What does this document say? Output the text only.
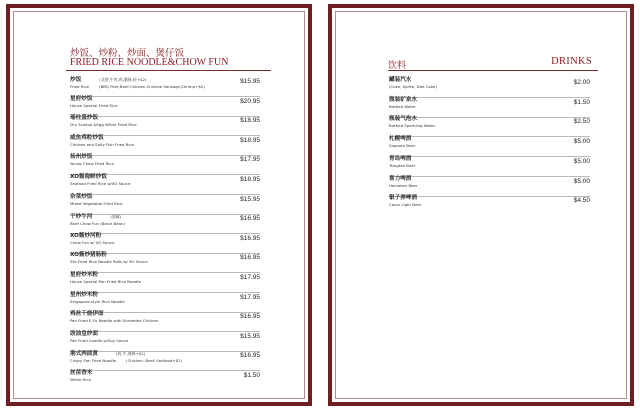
炒饭、炒粉、炒面、煲仔饭
FRIED RICE NOODLE&CHOW FUN
炒饭	(叉烧,牛肉,鸡,腊肠,虾+$2)
Fried Rice	(BBQ Pork,Beef,Chicken,Chinese Sausage,Shrimp+$2)
$15.95
星府炒饭
House Special Fried Rice
$20.95
瑶柱蛋炒饭
Dry Scallop &Egg White Fried Rice
$18.95
咸鱼鸡粒炒饭
Chicken and Salty Fish Fried Rice
$18.95
扬州炒饭
Young Chow Fried Rice
$17.95
XO酱海鲜炒饭
Seafood Fried Rice w/XO Sauce
$18.95
杂菜炒饭
Mixed Vegetable Fried Rice
$15.95
干炒牛河	(豉椒)
Beef Chow Fun (Black Bean)
$16.95
XO酱炒河粉
Chow Fun w/ XO Sauce
$16.95
XO酱炒猪肠粉
Stir-Fried Rice Noodle Rolls w/ XO Sauce
$16.95
星府炒米粉
House Special Pan Fried Rice Noodle
$17.95
星州炒米粉
Singapore-style Rice Noodle
$17.95
鸡丝干烧伊面
Pan Fried E-Fu Noodle with Shredded Chicken
$16.95
豉油皇炒面
Pan Fried noodle w/Soy Sauce
$15.95
港式两面黄	(鸡,牛,海鲜+$2)
Crispy Pan Fried Noodle	(Chicken..Beef..Seafood+$2)
$16.95
丝苗香米
White Rice
$1.50
饮料	DRINKS
罐装汽水
(Coke, Sprite, Diet Coke)
$2.00
瓶装矿泉水
Bottled Water
$1.50
瓶装气泡水
Bottled Sparkling Water
$2.50
札幌啤酒
Sapporo Beer
$5.00
青岛啤酒
Tsingtao Beer
$5.00
喜力啤酒
Heineken Beer
$5.00
银子弹啤酒
Coors Light Beer
$4.50
